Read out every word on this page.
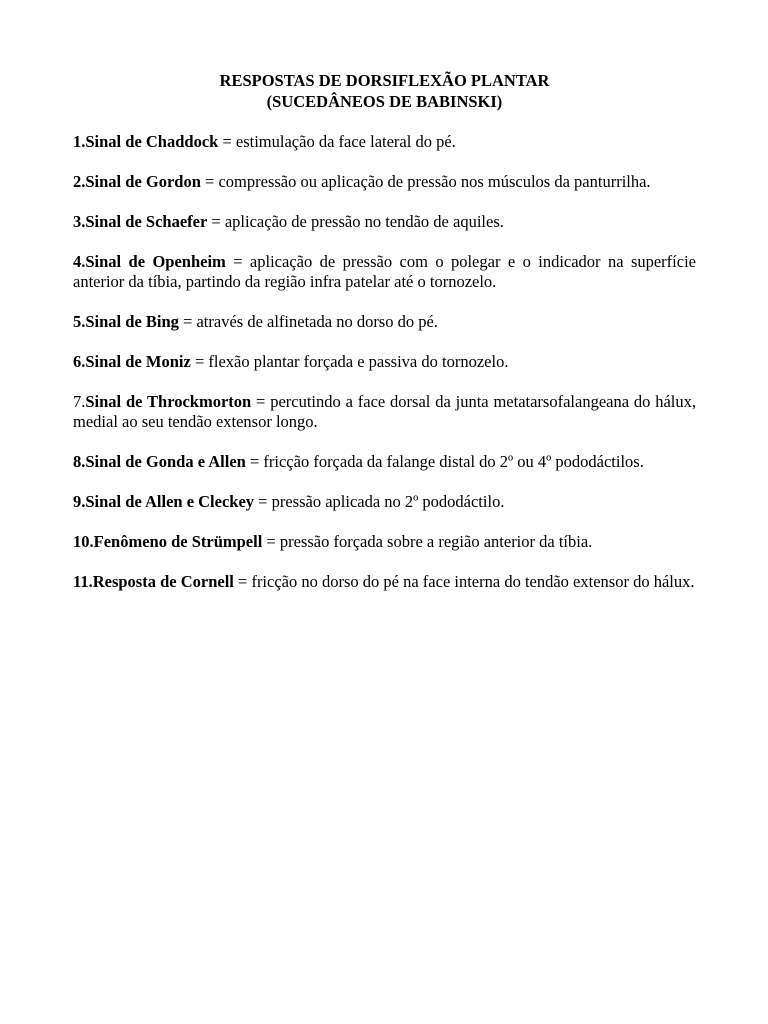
RESPOSTAS DE DORSIFLEXÃO PLANTAR
(SUCEDÂNEOS DE BABINSKI)

1.Sinal de Chaddock = estimulação da face lateral do pé.

2.Sinal de Gordon = compressão ou aplicação de pressão nos músculos da panturrilha.

3.Sinal de Schaefer = aplicação de pressão no tendão de aquiles.

4.Sinal de Openheim = aplicação de pressão com o polegar e o indicador na superfície anterior da tíbia, partindo da região infra patelar até o tornozelo.

5.Sinal de Bing = através de alfinetada no dorso do pé.

6.Sinal de Moniz = flexão plantar forçada e passiva do tornozelo.

7.Sinal de Throckmorton = percutindo a face dorsal da junta metatarsofalangeana do hálux, medial ao seu tendão extensor longo.

8.Sinal de Gonda e Allen = fricção forçada da falange distal do 2º ou 4º pododáctilos.

9.Sinal de Allen e Cleckey = pressão aplicada no 2º pododáctilo.

10.Fenômeno de Strümpell = pressão forçada sobre a região anterior da tíbia.

11.Resposta de Cornell = fricção no dorso do pé na face interna do tendão extensor do hálux.
